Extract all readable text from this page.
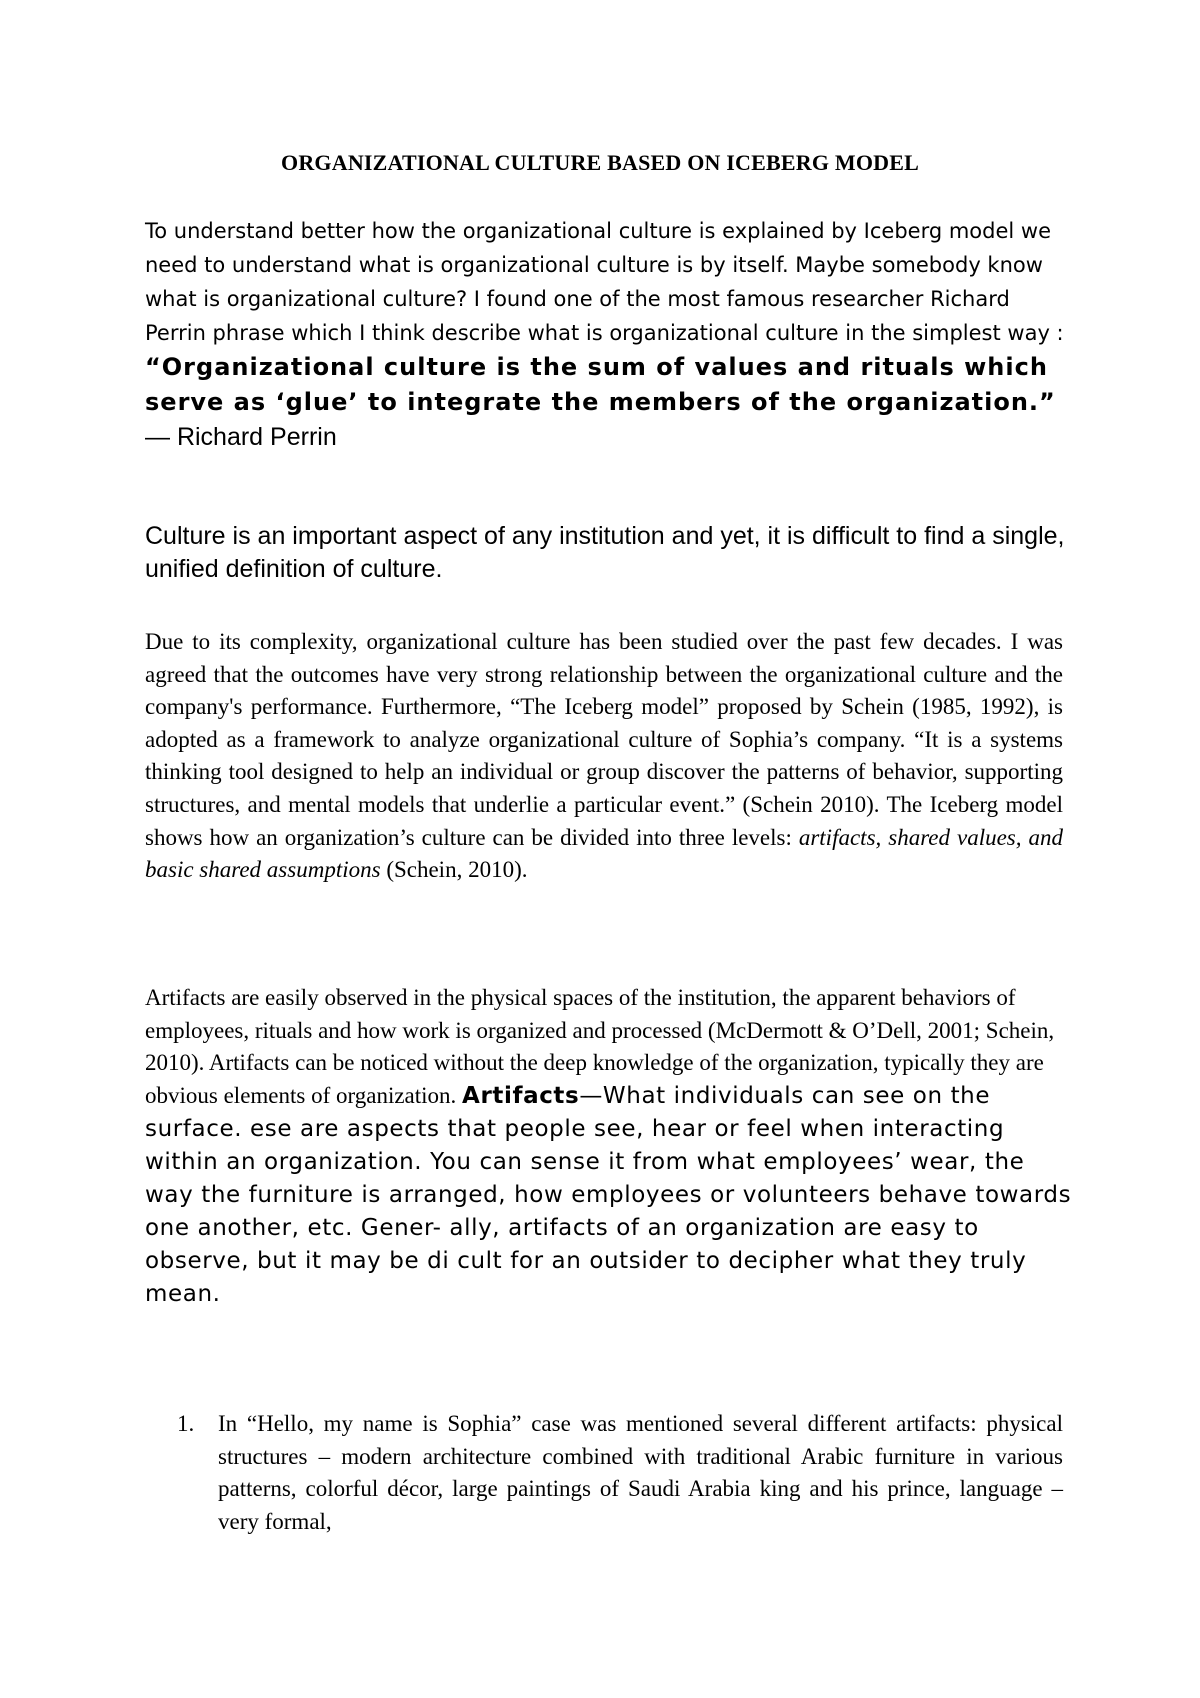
ORGANIZATIONAL CULTURE BASED ON ICEBERG MODEL
To understand better how the organizational culture is explained by Iceberg model we need to understand what is organizational culture is by itself. Maybe somebody know what is organizational culture? I found one of the most famous researcher Richard Perrin phrase which I think describe what is organizational culture in the simplest way : “Organizational culture is the sum of values and rituals which serve as ‘glue’ to integrate the members of the organization.” ― Richard Perrin
Culture is an important aspect of any institution and yet, it is difficult to find a single, unified definition of culture.
Due to its complexity, organizational culture has been studied over the past few decades. I was agreed that the outcomes have very strong relationship between the organizational culture and the company's performance. Furthermore, “The Iceberg model” proposed by Schein (1985, 1992), is adopted as a framework to analyze organizational culture of Sophia’s company. “It is a systems thinking tool designed to help an individual or group discover the patterns of behavior, supporting structures, and mental models that underlie a particular event.” (Schein 2010). The Iceberg model shows how an organization’s culture can be divided into three levels: artifacts, shared values, and basic shared assumptions (Schein, 2010).
Artifacts are easily observed in the physical spaces of the institution, the apparent behaviors of employees, rituals and how work is organized and processed (McDermott & O’Dell, 2001; Schein, 2010). Artifacts can be noticed without the deep knowledge of the organization, typically they are obvious elements of organization. Artifacts—What individuals can see on the surface. ese are aspects that people see, hear or feel when interacting within an organization. You can sense it from what employees’ wear, the way the furniture is arranged, how employees or volunteers behave towards one another, etc. Gener- ally, artifacts of an organization are easy to observe, but it may be di cult for an outsider to decipher what they truly mean.
1. In “Hello, my name is Sophia” case was mentioned several different artifacts: physical structures – modern architecture combined with traditional Arabic furniture in various patterns, colorful décor, large paintings of Saudi Arabia king and his prince, language – very formal,
